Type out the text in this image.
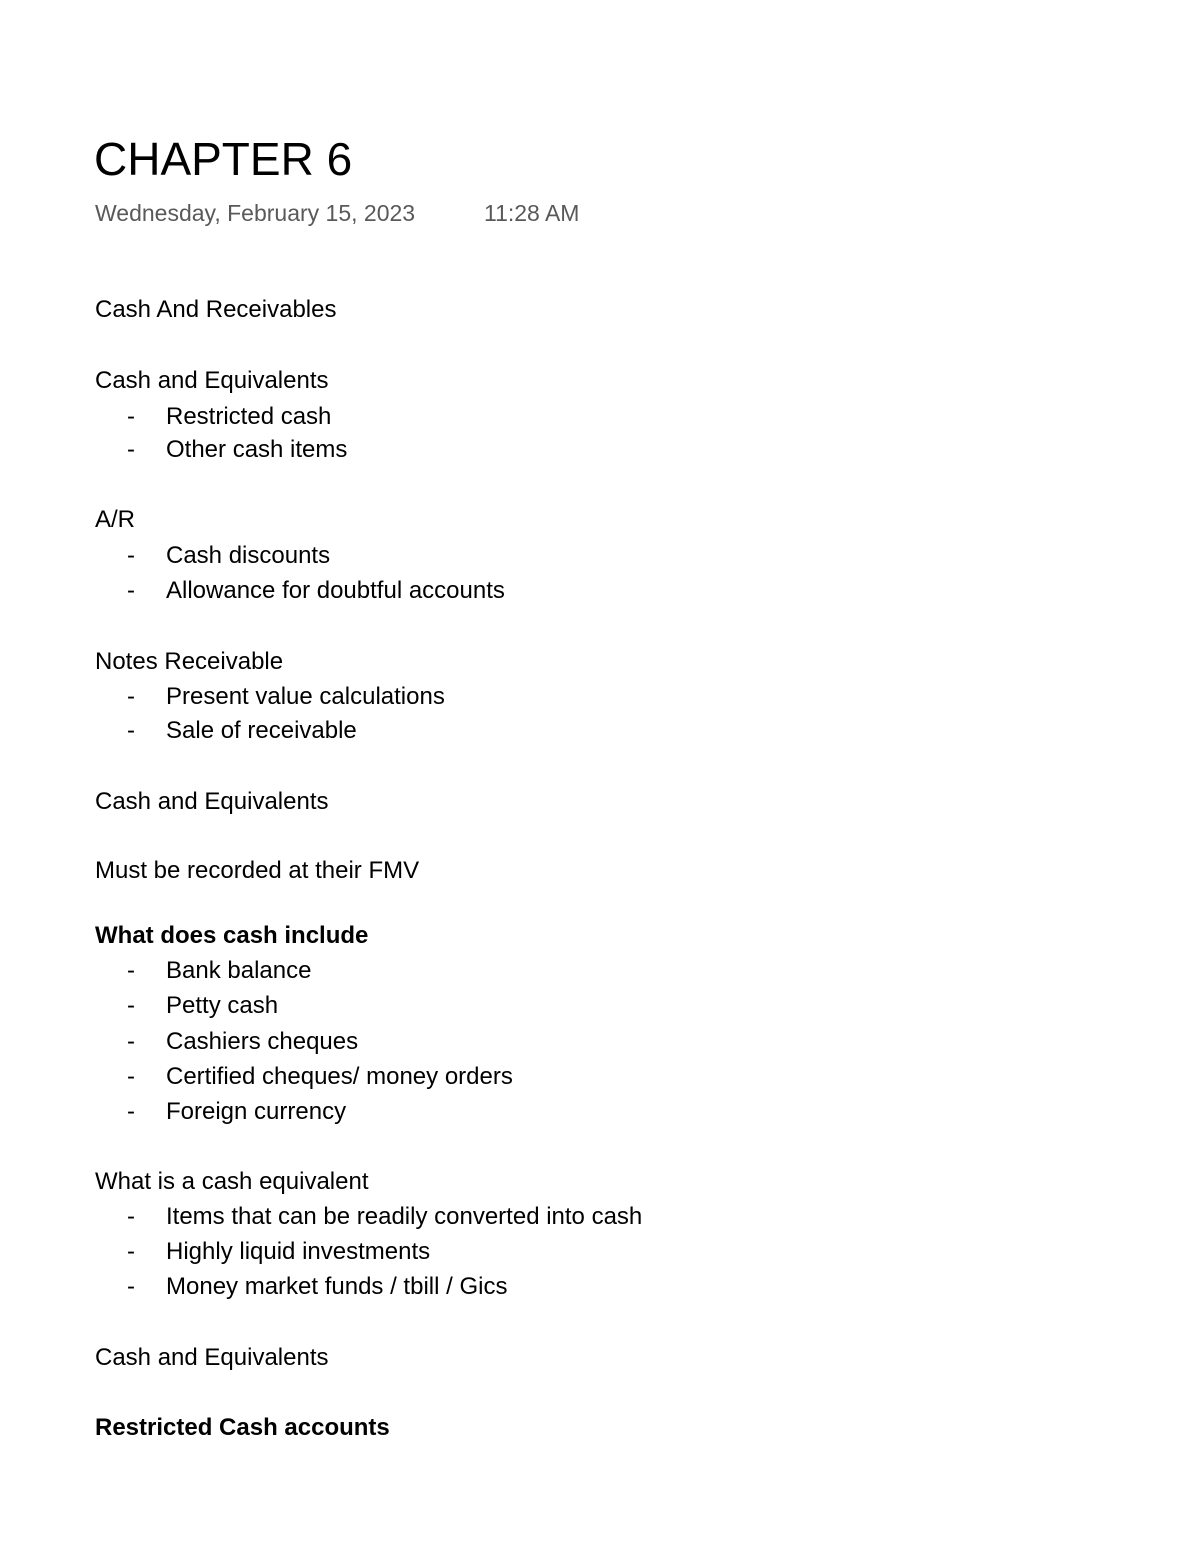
CHAPTER 6
Wednesday, February 15, 2023	11:28 AM
Cash And Receivables
Cash and Equivalents
- Restricted cash
- Other cash items
A/R
- Cash discounts
- Allowance for doubtful accounts
Notes Receivable
- Present value calculations
- Sale of receivable
Cash and Equivalents
Must be recorded at their FMV
What does cash include
- Bank balance
- Petty cash
- Cashiers cheques
- Certified cheques/ money orders
- Foreign currency
What is a cash equivalent
- Items that can be readily converted into cash
- Highly liquid investments
- Money market funds / tbill / Gics
Cash and Equivalents
Restricted Cash accounts
